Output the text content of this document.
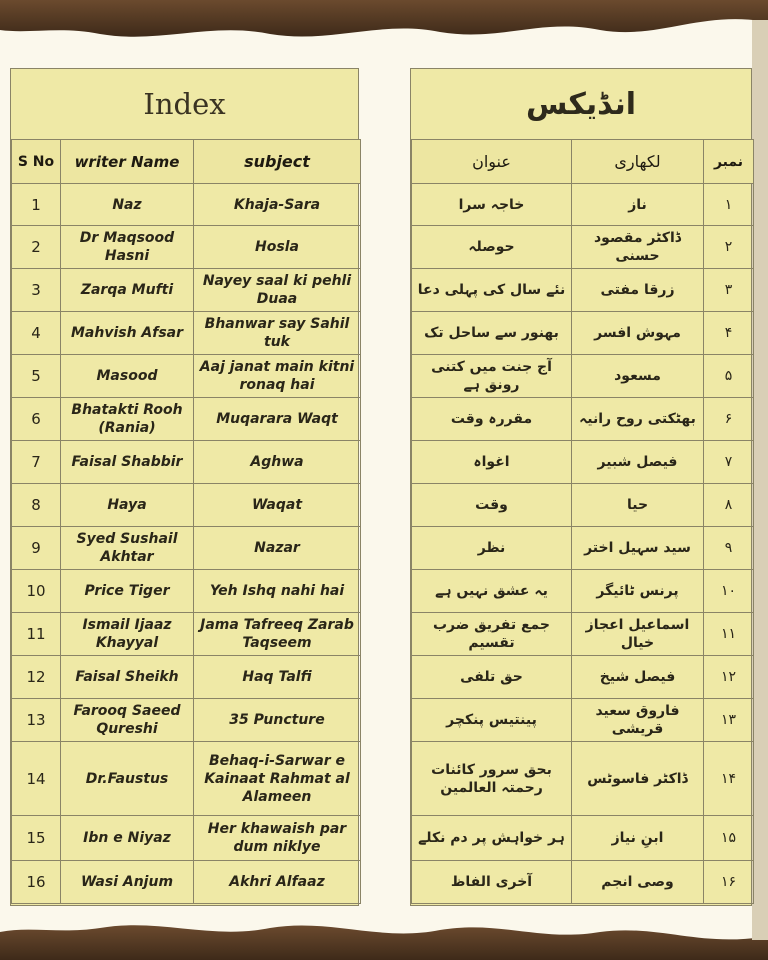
Index
S No	writer Name	subject
1	Naz	Khaja-Sara
2	Dr Maqsood Hasni	Hosla
3	Zarqa Mufti	Nayey saal ki pehli Duaa
4	Mahvish Afsar	Bhanwar say Sahil tuk
5	Masood	Aaj janat main kitni ronaq hai
6	Bhatakti Rooh (Rania)	Muqarara Waqt
7	Faisal Shabbir	Aghwa
8	Haya	Waqat
9	Syed Sushail Akhtar	Nazar
10	Price Tiger	Yeh Ishq nahi hai
11	Ismail Ijaaz Khayyal	Jama Tafreeq Zarab Taqseem
12	Faisal Sheikh	Haq Talfi
13	Farooq Saeed Qureshi	35 Puncture
14	Dr.Faustus	Behaq-i-Sarwar e Kainaat Rahmat al Alameen
15	Ibn e Niyaz	Her khawaish par dum niklye
16	Wasi Anjum	Akhri Alfaaz
انڈیکس
عنوان	لکھاری	نمبر
خاجہ سرا	ناز	۱
حوصلہ	ڈاکٹر مقصود حسنی	۲
نئے سال کی پہلی دعا	زرقا مفتی	۳
بھنور سے ساحل تک	مہوش افسر	۴
آج جنت میں کتنی رونق ہے	مسعود	۵
مقررہ وقت	بھٹکتی روح رانیہ	۶
اغواہ	فیصل شبیر	۷
وقت	حیا	۸
نظر	سید سہیل اختر	۹
یہ عشق نہیں ہے	پرنس ٹائیگر	۱۰
جمع تفریق ضرب تقسیم	اسماعیل اعجاز خیال	۱۱
حق تلفی	فیصل شیخ	۱۲
پینتیس پنکچر	فاروق سعید قریشی	۱۳
بحق سرور کائنات رحمتہ العالمین	ڈاکٹر فاسوٹس	۱۴
ہر خواہش پر دم نکلے	ابنِ نیاز	۱۵
آخری الفاظ	وصی انجم	۱۶
